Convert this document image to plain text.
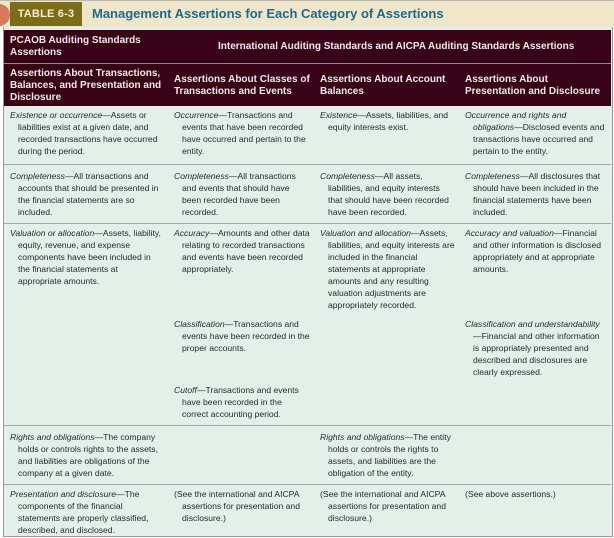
TABLE 6-3	Management Assertions for Each Category of Assertions
PCAOB Auditing Standards Assertions
International Auditing Standards and AICPA Auditing Standards Assertions
Assertions About Transactions, Balances, and Presentation and Disclosure
Assertions About Classes of Transactions and Events
Assertions About Account Balances
Assertions About Presentation and Disclosure
Existence or occurrence—Assets or liabilities exist at a given date, and recorded transactions have occurred during the period.
Occurrence—Transactions and events that have been recorded have occurred and pertain to the entity.
Existence—Assets, liabilities, and equity interests exist.
Occurrence and rights and obligations—Disclosed events and transactions have occurred and pertain to the entity.
Completeness—All transactions and accounts that should be presented in the financial statements are so included.
Completeness—All transactions and events that should have been recorded have been recorded.
Completeness—All assets, liabilities, and equity interests that should have been recorded have been recorded.
Completeness—All disclosures that should have been included in the financial statements have been included.
Valuation or allocation—Assets, liability, equity, revenue, and expense components have been included in the financial statements at appropriate amounts.
Accuracy—Amounts and other data relating to recorded transactions and events have been recorded appropriately.
Classification—Transactions and events have been recorded in the proper accounts.
Cutoff—Transactions and events have been recorded in the correct accounting period.
Valuation and allocation—Assets, liabilities, and equity interests are included in the financial statements at appropriate amounts and any resulting valuation adjustments are appropriately recorded.
Accuracy and valuation—Financial and other information is disclosed appropriately and at appropriate amounts.
Classification and understandability—Financial and other information is appropriately presented and described and disclosures are clearly expressed.
Rights and obligations—The company holds or controls rights to the assets, and liabilities are obligations of the company at a given date.
Rights and obligations—The entity holds or controls the rights to assets, and liabilities are the obligation of the entity.
Presentation and disclosure—The components of the financial statements are properly classified, described, and disclosed.
(See the international and AICPA assertions for presentation and disclosure.)
(See the international and AICPA assertions for presentation and disclosure.)
(See above assertions.)
